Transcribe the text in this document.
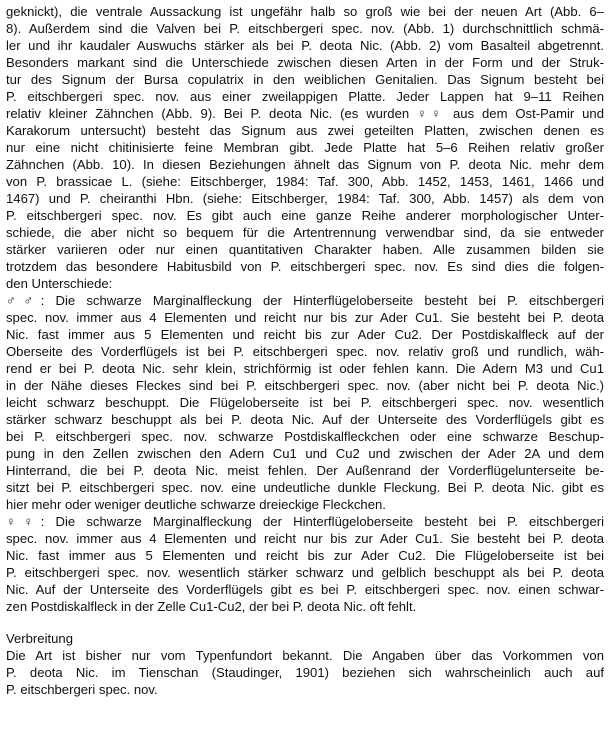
geknickt), die ventrale Aussackung ist ungefähr halb so groß wie bei der neuen Art (Abb. 6–
8). Außerdem sind die Valven bei P. eitschbergeri spec. nov. (Abb. 1) durchschnittlich schmä-
ler und ihr kaudaler Auswuchs stärker als bei P. deota Nic. (Abb. 2) vom Basalteil abgetrennt.
Besonders markant sind die Unterschiede zwischen diesen Arten in der Form und der Struk-
tur des Signum der Bursa copulatrix in den weiblichen Genitalien. Das Signum besteht bei
P. eitschbergeri spec. nov. aus einer zweilappigen Platte. Jeder Lappen hat 9–11 Reihen
relativ kleiner Zähnchen (Abb. 9). Bei P. deota Nic. (es wurden ♀♀ aus dem Ost-Pamir und
Karakorum untersucht) besteht das Signum aus zwei geteilten Platten, zwischen denen es
nur eine nicht chitinisierte feine Membran gibt. Jede Platte hat 5–6 Reihen relativ großer
Zähnchen (Abb. 10). In diesen Beziehungen ähnelt das Signum von P. deota Nic. mehr dem
von P. brassicae L. (siehe: Eitschberger, 1984: Taf. 300, Abb. 1452, 1453, 1461, 1466 und
1467) und P. cheiranthi Hbn. (siehe: Eitschberger, 1984: Taf. 300, Abb. 1457) als dem von
P. eitschbergeri spec. nov. Es gibt auch eine ganze Reihe anderer morphologischer Unter-
schiede, die aber nicht so bequem für die Artentrennung verwendbar sind, da sie entweder
stärker variieren oder nur einen quantitativen Charakter haben. Alle zusammen bilden sie
trotzdem das besondere Habitusbild von P. eitschbergeri spec. nov. Es sind dies die folgen-
den Unterschiede:
♂♂: Die schwarze Marginalfleckung der Hinterflügeloberseite besteht bei P. eitschbergeri
spec. nov. immer aus 4 Elementen und reicht nur bis zur Ader Cu1. Sie besteht bei P. deota
Nic. fast immer aus 5 Elementen und reicht bis zur Ader Cu2. Der Postdiskalfleck auf der
Oberseite des Vorderflügels ist bei P. eitschbergeri spec. nov. relativ groß und rundlich, wäh-
rend er bei P. deota Nic. sehr klein, strichförmig ist oder fehlen kann. Die Adern M3 und Cu1
in der Nähe dieses Fleckes sind bei P. eitschbergeri spec. nov. (aber nicht bei P. deota Nic.)
leicht schwarz beschuppt. Die Flügeloberseite ist bei P. eitschbergeri spec. nov. wesentlich
stärker schwarz beschuppt als bei P. deota Nic. Auf der Unterseite des Vorderflügels gibt es
bei P. eitschbergeri spec. nov. schwarze Postdiskalfleckchen oder eine schwarze Beschup-
pung in den Zellen zwischen den Adern Cu1 und Cu2 und zwischen der Ader 2A und dem
Hinterrand, die bei P. deota Nic. meist fehlen. Der Außenrand der Vorderflügelunterseite be-
sitzt bei P. eitschbergeri spec. nov. eine undeutliche dunkle Fleckung. Bei P. deota Nic. gibt es
hier mehr oder weniger deutliche schwarze dreieckige Fleckchen.
♀♀: Die schwarze Marginalfleckung der Hinterflügeloberseite besteht bei P. eitschbergeri
spec. nov. immer aus 4 Elementen und reicht nur bis zur Ader Cu1. Sie besteht bei P. deota
Nic. fast immer aus 5 Elementen und reicht bis zur Ader Cu2. Die Flügeloberseite ist bei
P. eitschbergeri spec. nov. wesentlich stärker schwarz und gelblich beschuppt als bei P. deota
Nic. Auf der Unterseite des Vorderflügels gibt es bei P. eitschbergeri spec. nov. einen schwar-
zen Postdiskalfleck in der Zelle Cu1-Cu2, der bei P. deota Nic. oft fehlt.
Verbreitung
Die Art ist bisher nur vom Typenfundort bekannt. Die Angaben über das Vorkommen von
P. deota Nic. im Tienschan (Staudinger, 1901) beziehen sich wahrscheinlich auch auf
P. eitschbergeri spec. nov.
